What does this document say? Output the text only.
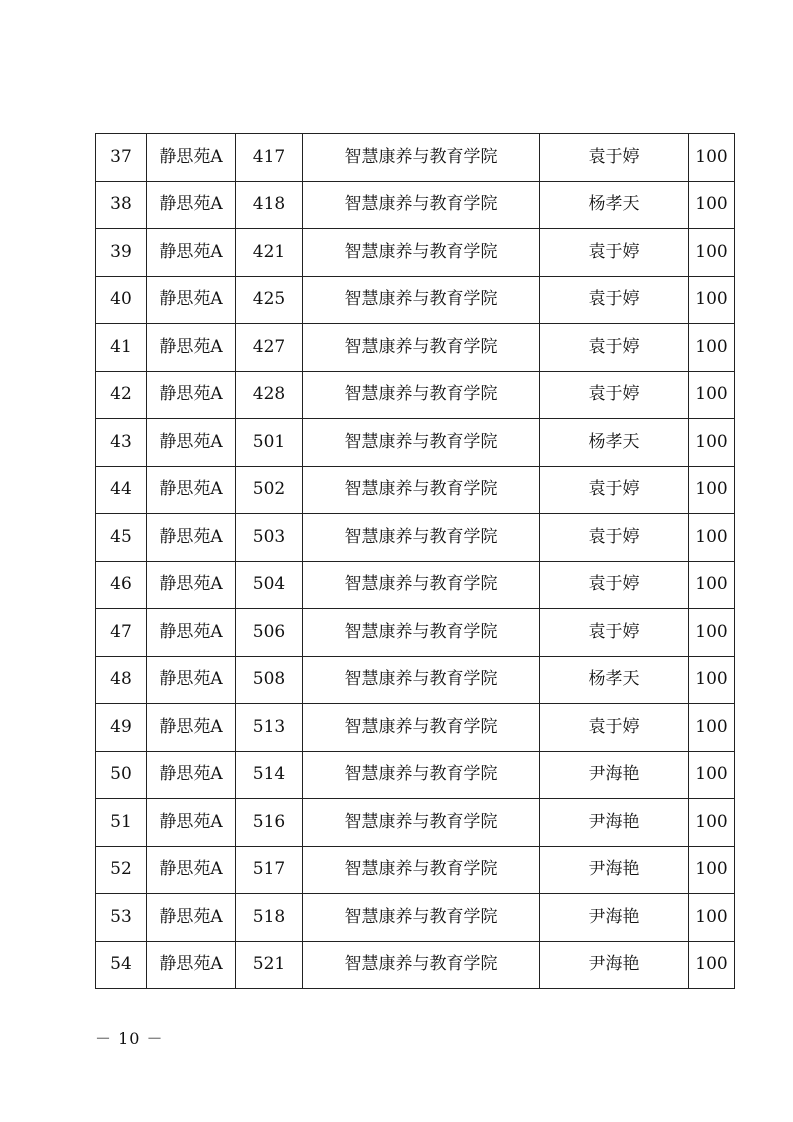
37	静思苑A	417	智慧康养与教育学院	袁于婷	100
38	静思苑A	418	智慧康养与教育学院	杨孝天	100
39	静思苑A	421	智慧康养与教育学院	袁于婷	100
40	静思苑A	425	智慧康养与教育学院	袁于婷	100
41	静思苑A	427	智慧康养与教育学院	袁于婷	100
42	静思苑A	428	智慧康养与教育学院	袁于婷	100
43	静思苑A	501	智慧康养与教育学院	杨孝天	100
44	静思苑A	502	智慧康养与教育学院	袁于婷	100
45	静思苑A	503	智慧康养与教育学院	袁于婷	100
46	静思苑A	504	智慧康养与教育学院	袁于婷	100
47	静思苑A	506	智慧康养与教育学院	袁于婷	100
48	静思苑A	508	智慧康养与教育学院	杨孝天	100
49	静思苑A	513	智慧康养与教育学院	袁于婷	100
50	静思苑A	514	智慧康养与教育学院	尹海艳	100
51	静思苑A	516	智慧康养与教育学院	尹海艳	100
52	静思苑A	517	智慧康养与教育学院	尹海艳	100
53	静思苑A	518	智慧康养与教育学院	尹海艳	100
54	静思苑A	521	智慧康养与教育学院	尹海艳	100
－ 10 －
